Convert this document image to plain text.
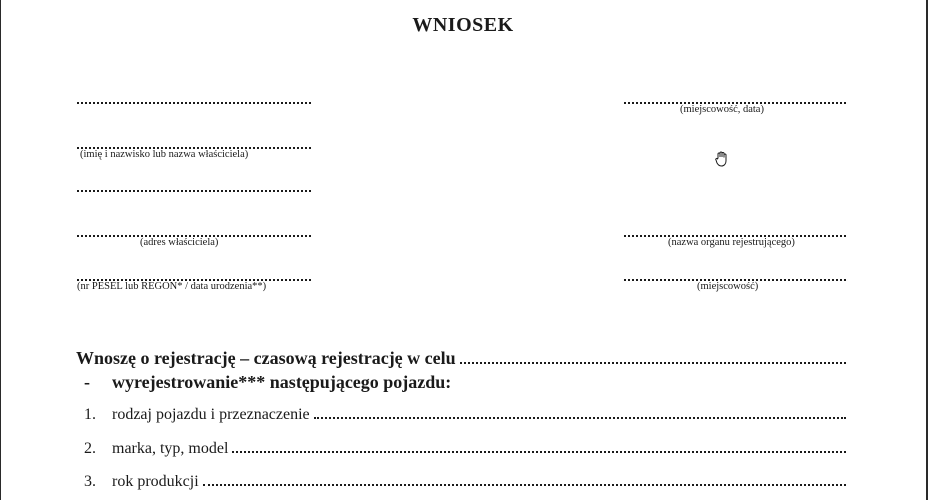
WNIOSEK
(imię i nazwisko lub nazwa właściciela)
(adres właściciela)
(nr PESEL lub REGON* / data urodzenia**)
(miejscowość, data)
(nazwa organu rejestrującego)
(miejscowość)
Wnoszę o rejestrację – czasową rejestrację w celu
-	wyrejestrowanie*** następującego pojazdu:
1.	rodzaj pojazdu i przeznaczenie
2.	marka, typ, model
3.	rok produkcji
